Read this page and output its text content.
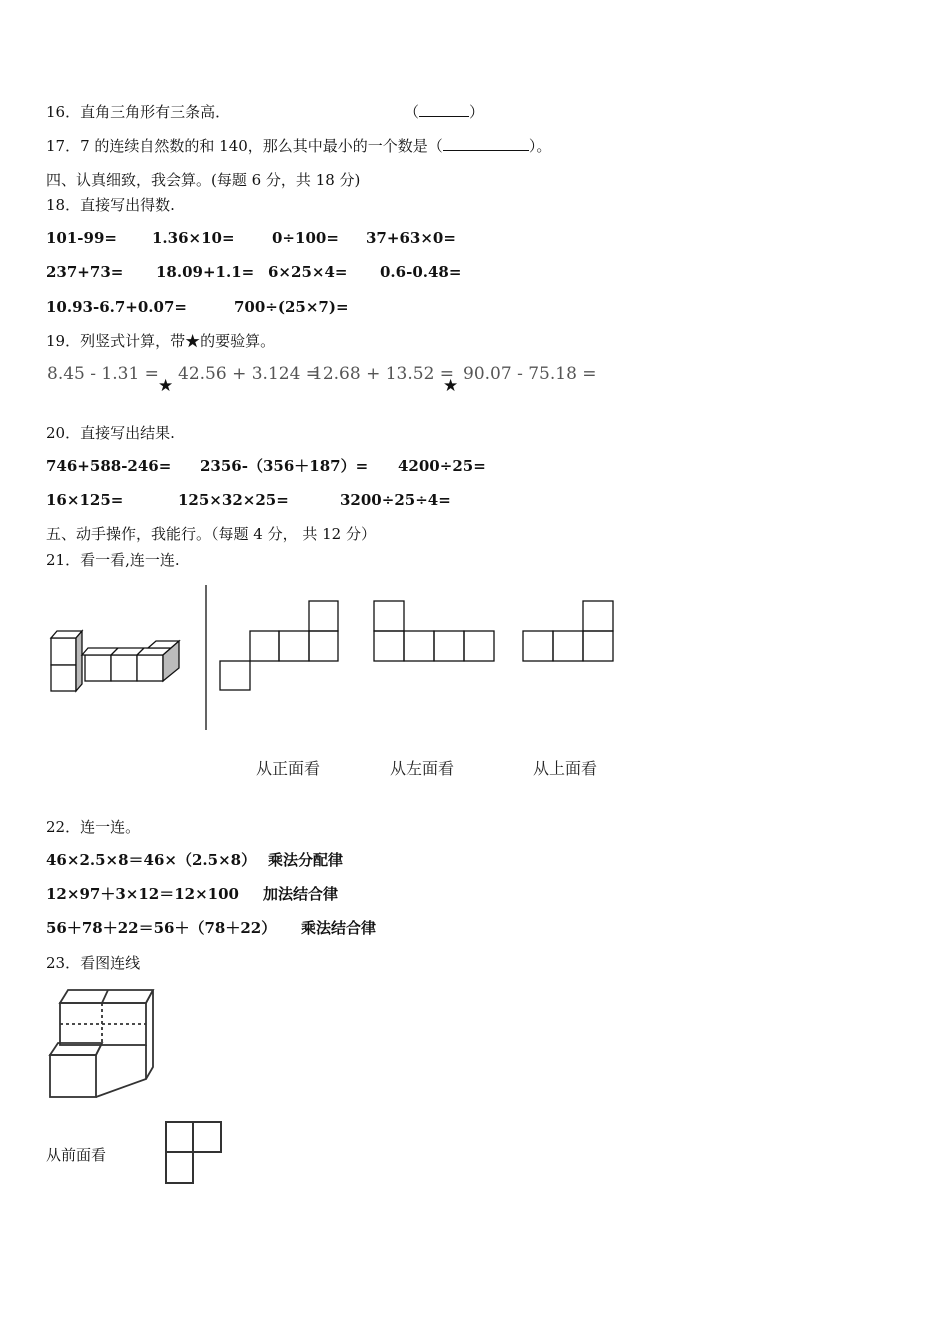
16．直角三角形有三条高．	（	）
17．7 的连续自然数的和 140，那么其中最小的一个数是（	）。
四、认真细致，我会算。(每题 6 分，共 18 分)
18．直接写出得数.
101-99= 1.36×10= 0÷100= 37+63×0=
237+73= 18.09+1.1= 6×25×4= 0.6-0.48=
10.93-6.7+0.07=	700÷(25×7)=
19．列竖式计算，带★的要验算。
8.45 - 1.31 =
★
42.56 + 3.124 =
12.68 + 13.52 =
★
90.07 - 75.18 =
20．直接写出结果.
746+588-246= 2356-（356＋187）= 4200÷25=
16×125=	125×32×25=	3200÷25÷4=
五、动手操作，我能行。（每题 4 分， 共 12 分）
21．看一看,连一连.
从正面看	从左面看	从上面看
22．连一连。
46×2.5×8＝46×（2.5×8） 乘法分配律
12×97＋3×12＝12×100 加法结合律
56＋78＋22＝56＋（78＋22） 乘法结合律
23．看图连线
从前面看
